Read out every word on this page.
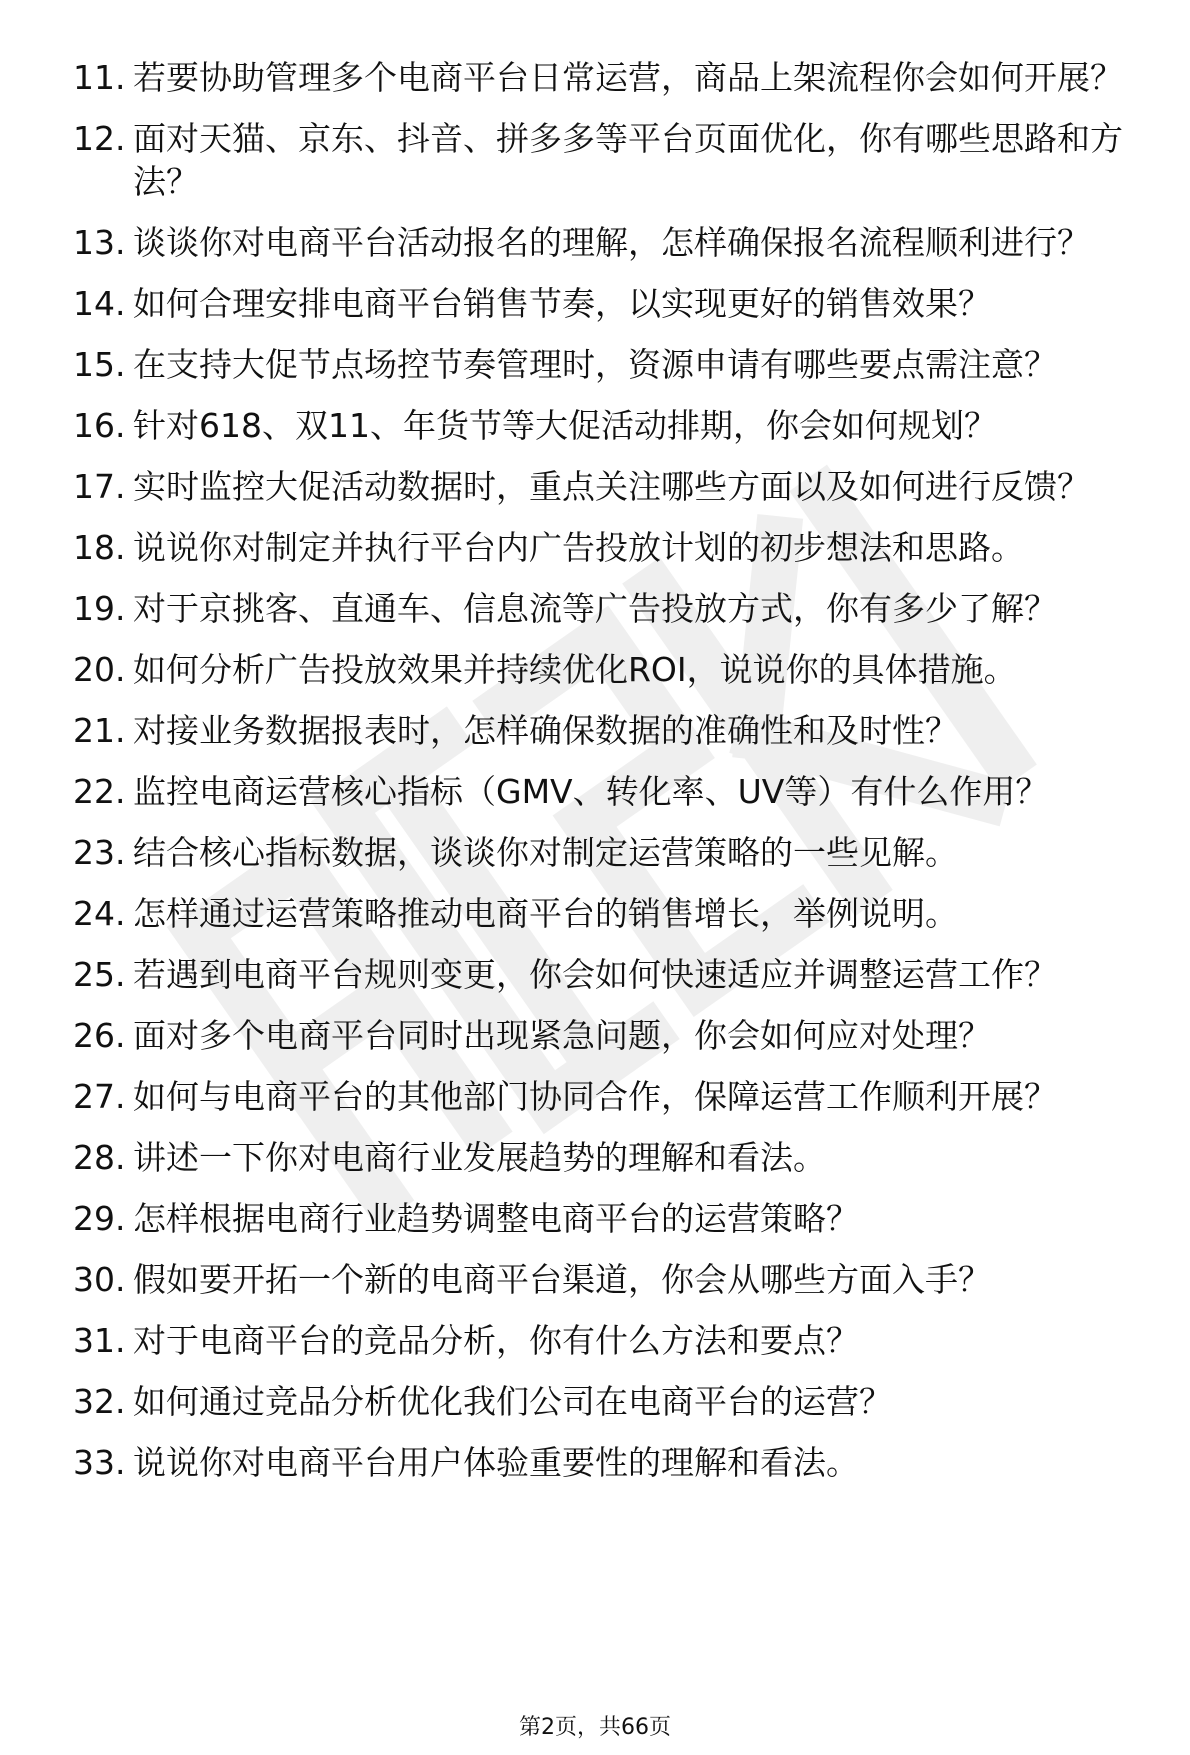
11 . 若要协助管理多个电商平台日常运营，商品上架流程你会如何开展？
12 . 面对天猫、京东、抖音、拼多多等平台页面优化，你有哪些思路和方法？
13 . 谈谈你对电商平台活动报名的理解，怎样确保报名流程顺利进行？
14 . 如何合理安排电商平台销售节奏，以实现更好的销售效果？
15 . 在支持大促节点场控节奏管理时，资源申请有哪些要点需注意？
16 . 针对618、双11、年货节等大促活动排期，你会如何规划？
17 . 实时监控大促活动数据时，重点关注哪些方面以及如何进行反馈？
18 . 说说你对制定并执行平台内广告投放计划的初步想法和思路。
19 . 对于京挑客、直通车、信息流等广告投放方式，你有多少了解？
20 . 如何分析广告投放效果并持续优化ROI，说说你的具体措施。
21 . 对接业务数据报表时，怎样确保数据的准确性和及时性？
22 . 监控电商运营核心指标（GMV、转化率、UV等）有什么作用？
23 . 结合核心指标数据，谈谈你对制定运营策略的一些见解。
24 . 怎样通过运营策略推动电商平台的销售增长，举例说明。
25 . 若遇到电商平台规则变更，你会如何快速适应并调整运营工作？
26 . 面对多个电商平台同时出现紧急问题，你会如何应对处理？
27 . 如何与电商平台的其他部门协同合作，保障运营工作顺利开展？
28 . 讲述一下你对电商行业发展趋势的理解和看法。
29 . 怎样根据电商行业趋势调整电商平台的运营策略？
30 . 假如要开拓一个新的电商平台渠道，你会从哪些方面入手？
31 . 对于电商平台的竞品分析，你有什么方法和要点？
32 . 如何通过竞品分析优化我们公司在电商平台的运营？
33 . 说说你对电商平台用户体验重要性的理解和看法。
第2页，共66页
